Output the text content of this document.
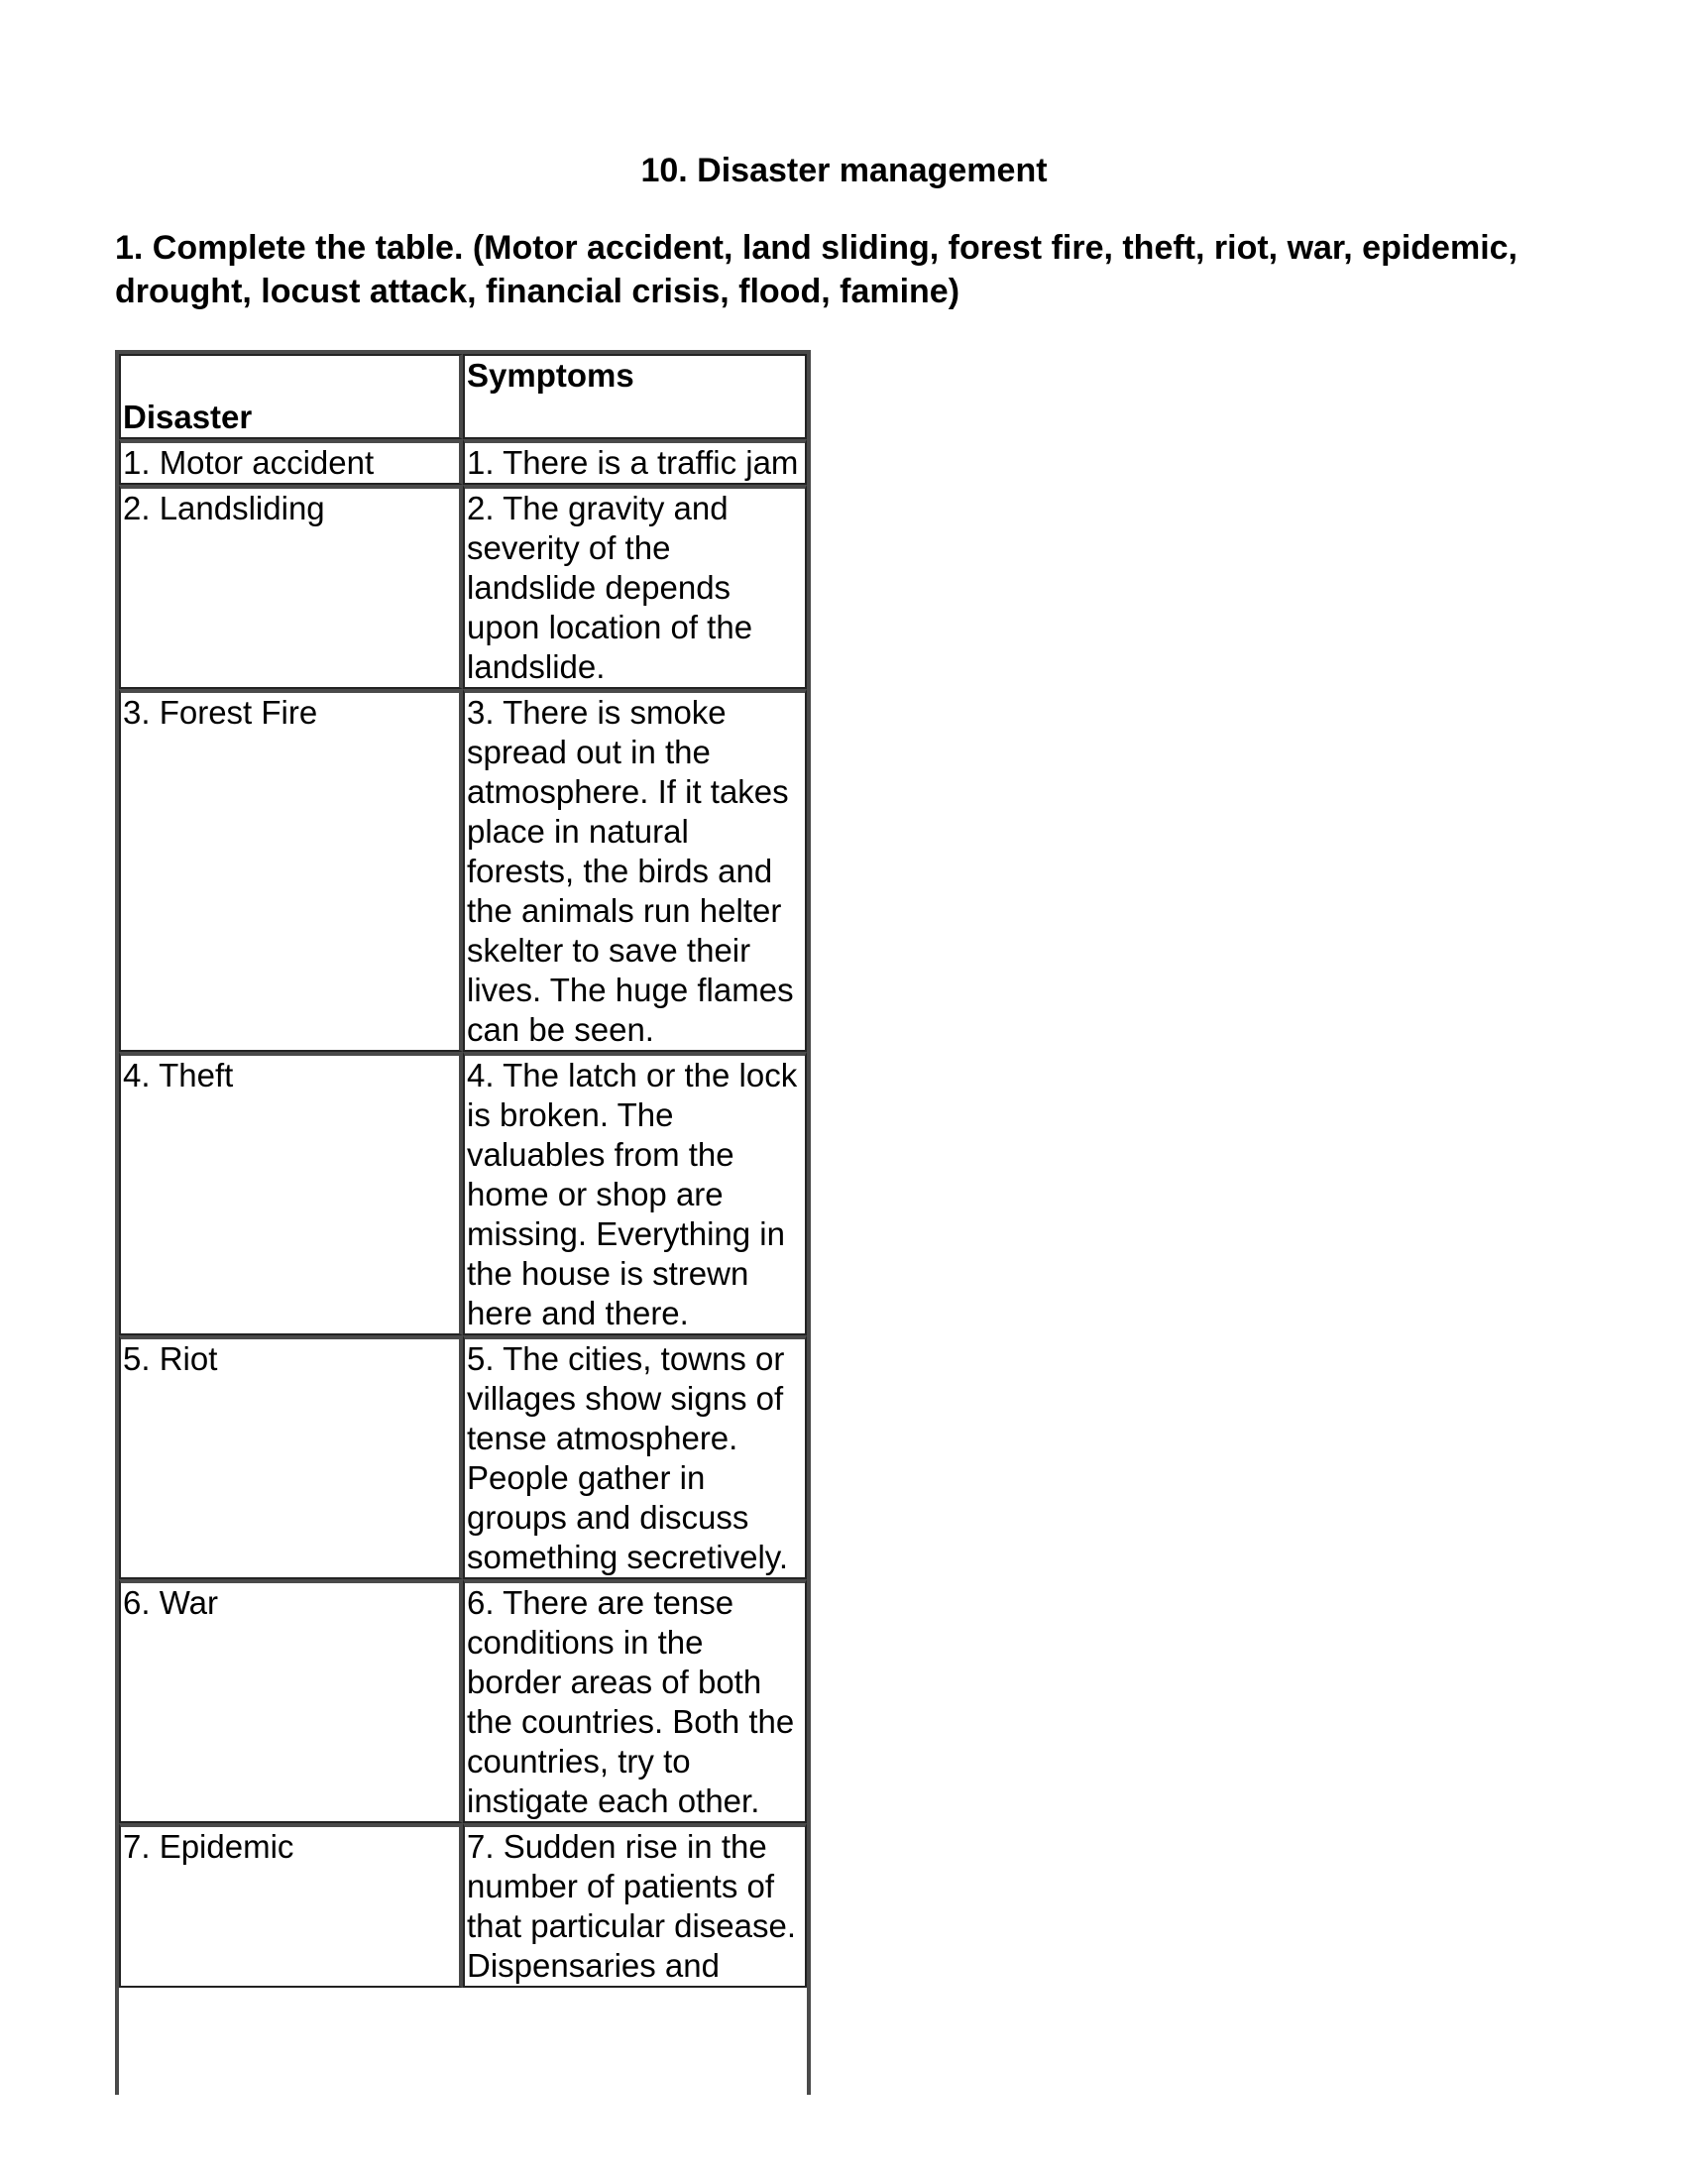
10. Disaster management
1. Complete the table. (Motor accident, land sliding, forest fire, theft, riot, war, epidemic, drought, locust attack, financial crisis, flood, famine)
Disaster	Symptoms
1. Motor accident	1. There is a traffic jam
2. Landsliding	2. The gravity and severity of the landslide depends upon location of the landslide.
3. Forest Fire	3. There is smoke spread out in the atmosphere. If it takes place in natural forests, the birds and the animals run helter skelter to save their lives. The huge flames can be seen.
4. Theft	4. The latch or the lock is broken. The valuables from the home or shop are missing. Everything in the house is strewn here and there.
5. Riot	5. The cities, towns or villages show signs of tense atmosphere. People gather in groups and discuss something secretively.
6. War	6. There are tense conditions in the border areas of both the countries. Both the countries, try to instigate each other.
7. Epidemic	7. Sudden rise in the number of patients of that particular disease. Dispensaries and
